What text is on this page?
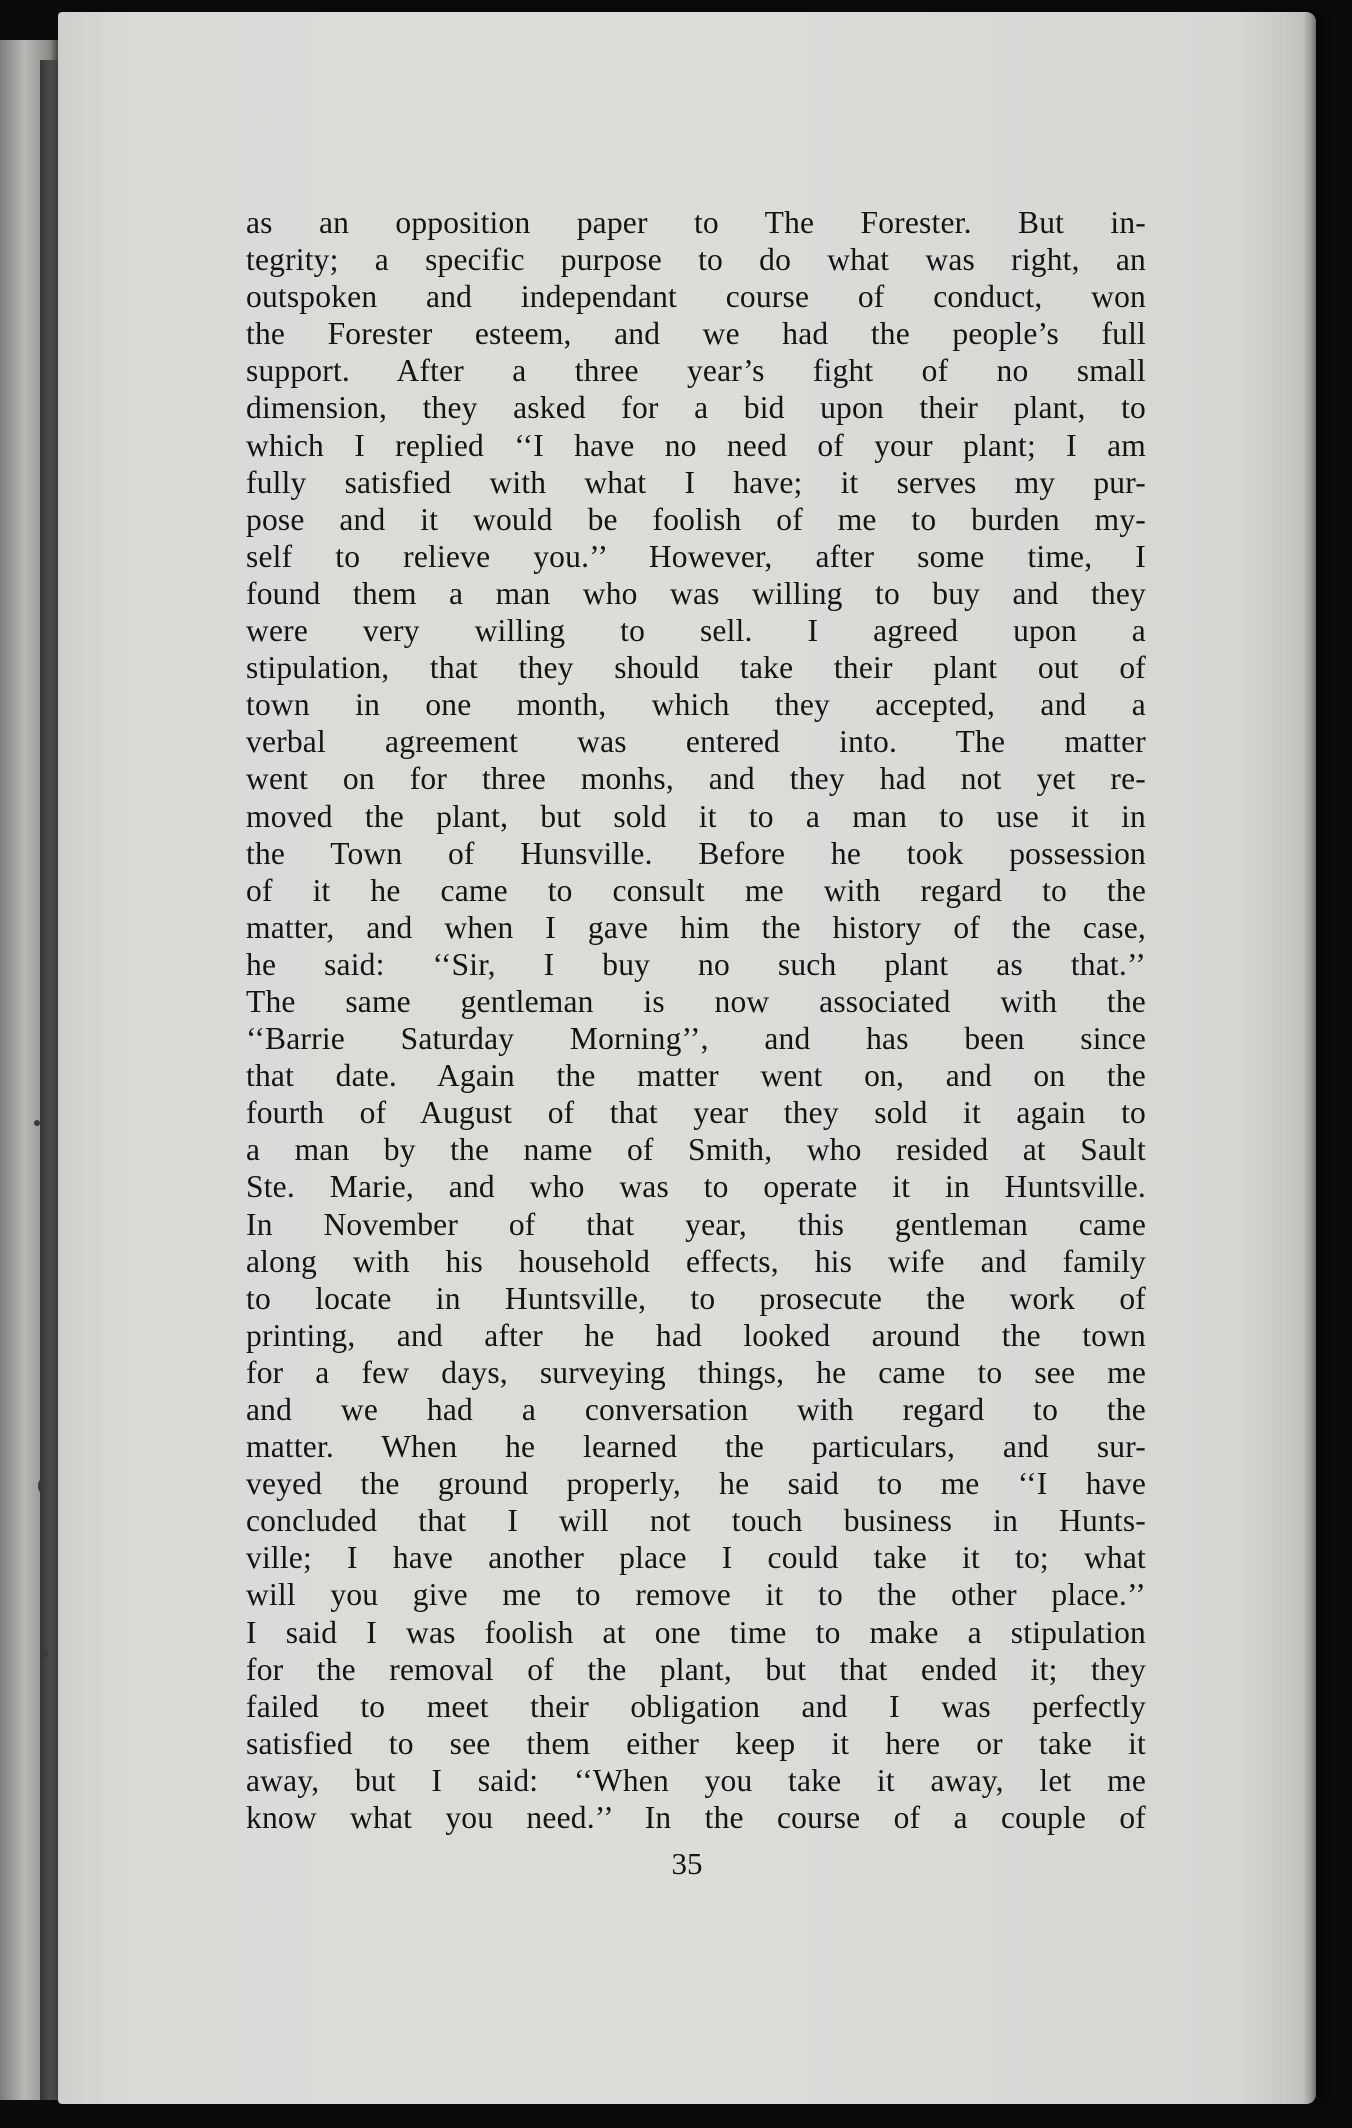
as an opposition paper to The Forester. But in-
tegrity; a specific purpose to do what was right, an
outspoken and independant course of conduct, won
the Forester esteem, and we had the people’s full
support. After a three year’s fight of no small
dimension, they asked for a bid upon their plant, to
which I replied ‘‘I have no need of your plant; I am
fully satisfied with what I have; it serves my pur-
pose and it would be foolish of me to burden my-
self to relieve you.’’ However, after some time, I
found them a man who was willing to buy and they
were very willing to sell. I agreed upon a
stipulation, that they should take their plant out of
town in one month, which they accepted, and a
verbal agreement was entered into. The matter
went on for three monhs, and they had not yet re-
moved the plant, but sold it to a man to use it in
the Town of Hunsville. Before he took possession
of it he came to consult me with regard to the
matter, and when I gave him the history of the case,
he said: ‘‘Sir, I buy no such plant as that.’’
The same gentleman is now associated with the
‘‘Barrie Saturday Morning’’, and has been since
that date. Again the matter went on, and on the
fourth of August of that year they sold it again to
a man by the name of Smith, who resided at Sault
Ste. Marie, and who was to operate it in Huntsville.
In November of that year, this gentleman came
along with his household effects, his wife and family
to locate in Huntsville, to prosecute the work of
printing, and after he had looked around the town
for a few days, surveying things, he came to see me
and we had a conversation with regard to the
matter. When he learned the particulars, and sur-
veyed the ground properly, he said to me ‘‘I have
concluded that I will not touch business in Hunts-
ville; I have another place I could take it to; what
will you give me to remove it to the other place.’’
I said I was foolish at one time to make a stipulation
for the removal of the plant, but that ended it; they
failed to meet their obligation and I was perfectly
satisfied to see them either keep it here or take it
away, but I said: ‘‘When you take it away, let me
know what you need.’’ In the course of a couple of
35
